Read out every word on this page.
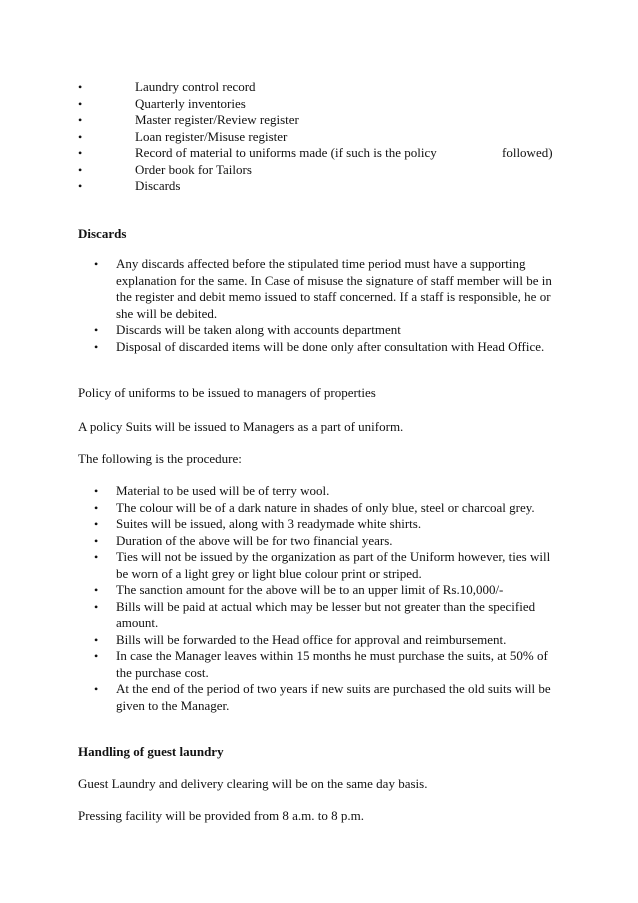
•	Laundry control record
•	Quarterly inventories
•	Master register/Review register
•	Loan register/Misuse register
•	Record of material to uniforms made (if such is the policy	followed)
•	Order book for Tailors
•	Discards

Discards

• Any discards affected before the stipulated time period must have a supporting explanation for the same. In Case of misuse the signature of staff member will be in the register and debit memo issued to staff concerned. If a staff is responsible, he or she will be debited.
• Discards will be taken along with accounts department
• Disposal of discarded items will be done only after consultation with Head Office.

Policy of uniforms to be issued to managers of properties

A policy Suits will be issued to Managers as a part of uniform.

The following is the procedure:

• Material to be used will be of terry wool.
• The colour will be of a dark nature in shades of only blue, steel or charcoal grey.
• Suites will be issued, along with 3 readymade white shirts.
• Duration of the above will be for two financial years.
• Ties will not be issued by the organization as part of the Uniform however, ties will be worn of a light grey or light blue colour print or striped.
• The sanction amount for the above will be to an upper limit of Rs.10,000/-
• Bills will be paid at actual which may be lesser but not greater than the specified amount.
• Bills will be forwarded to the Head office for approval and reimbursement.
• In case the Manager leaves within 15 months he must purchase the suits, at 50% of the purchase cost.
• At the end of the period of two years if new suits are purchased the old suits will be given to the Manager.

Handling of guest laundry

Guest Laundry and delivery clearing will be on the same day basis.

Pressing facility will be provided from 8 a.m. to 8 p.m.
